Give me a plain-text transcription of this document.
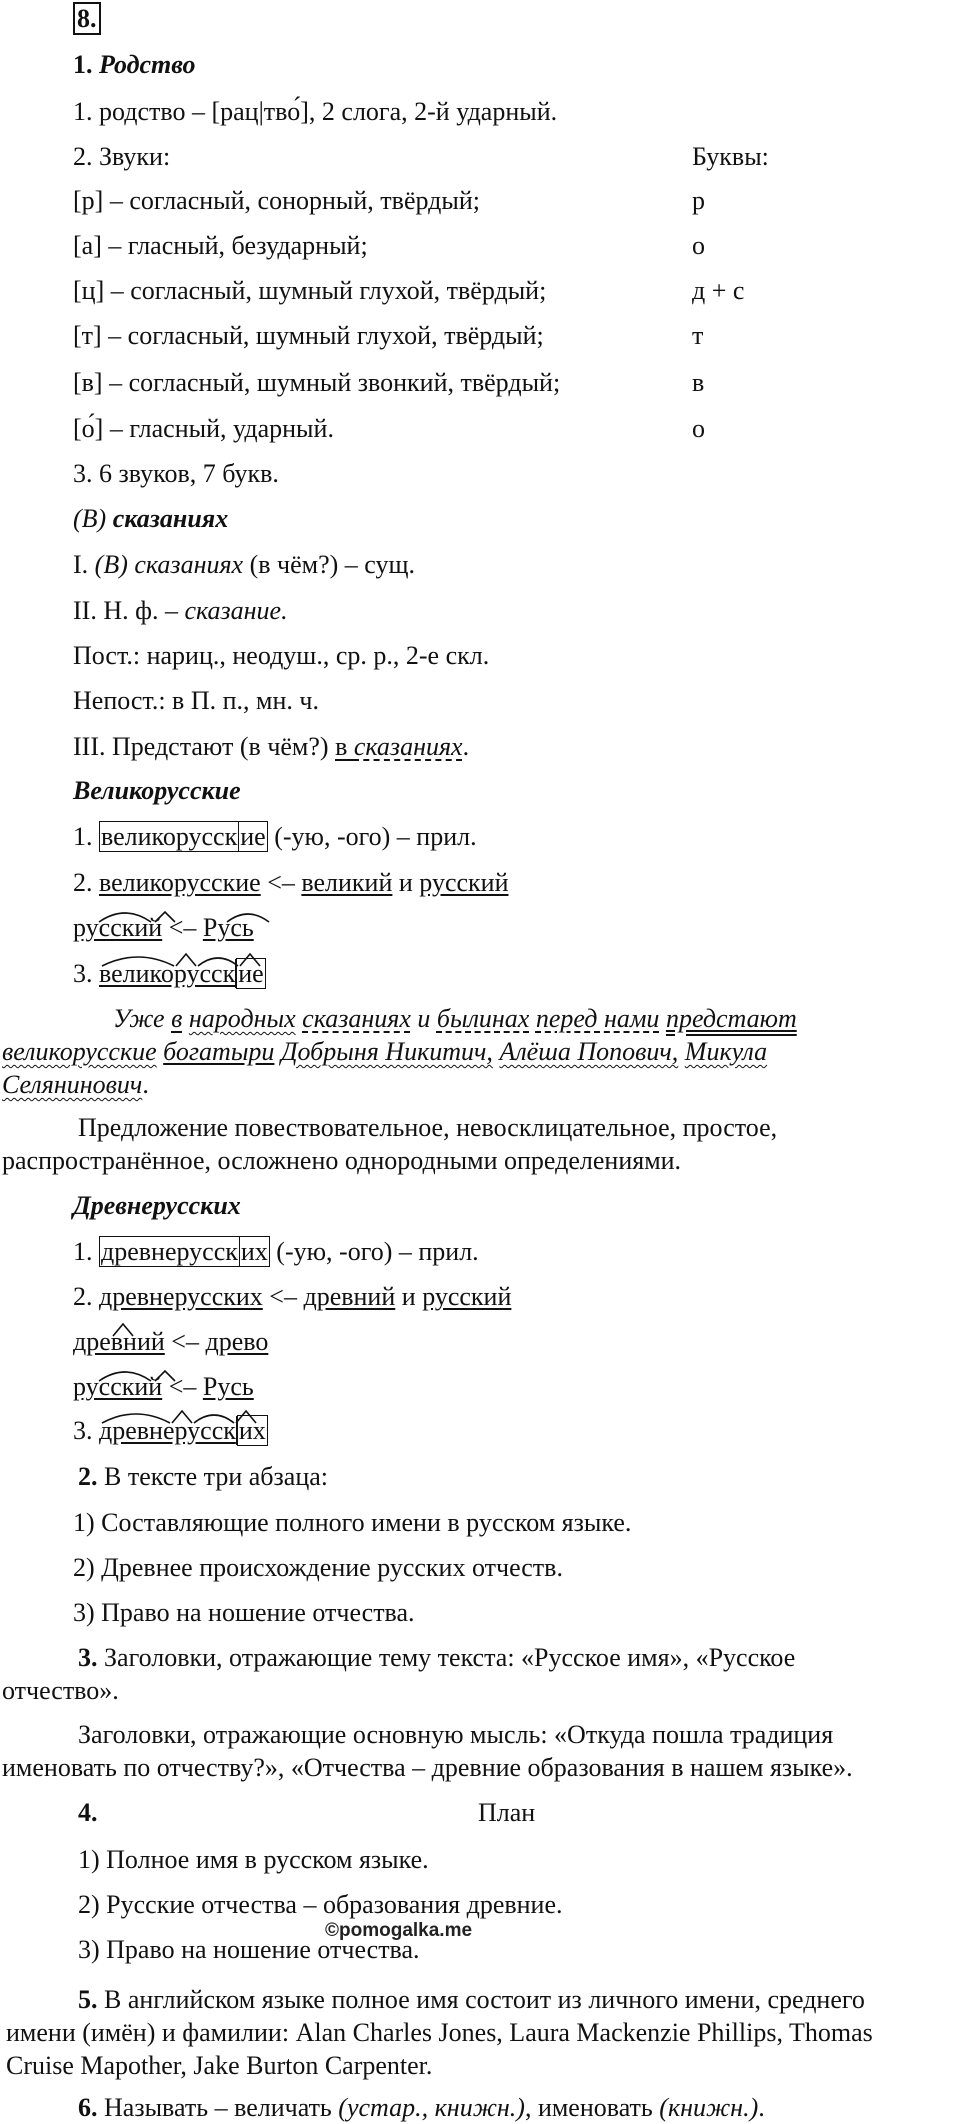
8.
1. Родство
1. родство – [рац|тво́], 2 слога, 2-й ударный.
2. Звуки:	Буквы:
[р] – согласный, сонорный, твёрдый;	р
[а] – гласный, безударный;	о
[ц] – согласный, шумный глухой, твёрдый;	д + с
[т] – согласный, шумный глухой, твёрдый;	т
[в] – согласный, шумный звонкий, твёрдый;	в
[о́] – гласный, ударный.	о
3. 6 звуков, 7 букв.
(В) сказаниях
I. (В) сказаниях (в чём?) – сущ.
II. Н. ф. – сказание.
Пост.: нариц., неодуш., ср. р., 2-е скл.
Непост.: в П. п., мн. ч.
III. Предстают (в чём?) в сказаниях.
Великорусские
1. великорусск ие (-ую, -ого) – прил.
2. великорусские <– великий и русский
русский <– Русь
3. великорусск ие
Уже в народных сказаниях и былинах перед нами предстают
великорусские богатыри Добрыня Никитич, Алёша Попович, Микула
Селянинович.
Предложение повествовательное, невосклицательное, простое,
распространённое, осложнено однородными определениями.
Древнерусских
1. древнерусск их (-ую, -ого) – прил.
2. древнерусских <– древний и русский
древний <– древо
русский <– Русь
3. древнерусск их
2. В тексте три абзаца:
1) Составляющие полного имени в русском языке.
2) Древнее происхождение русских отчеств.
3) Право на ношение отчества.
3. Заголовки, отражающие тему текста: «Русское имя», «Русское
отчество».
Заголовки, отражающие основную мысль: «Откуда пошла традиция
именовать по отчеству?», «Отчества – древние образования в нашем языке».
4.	План
1) Полное имя в русском языке.
2) Русские отчества – образования древние.
3) Право на ношение отчества.
©pomogalka.me
5. В английском языке полное имя состоит из личного имени, среднего
имени (имён) и фамилии: Alan Charles Jones, Laura Mackenzie Phillips, Thomas
Cruise Mapother, Jake Burton Carpenter.
6. Называть – величать (устар., книжн.), именовать (книжн.).
